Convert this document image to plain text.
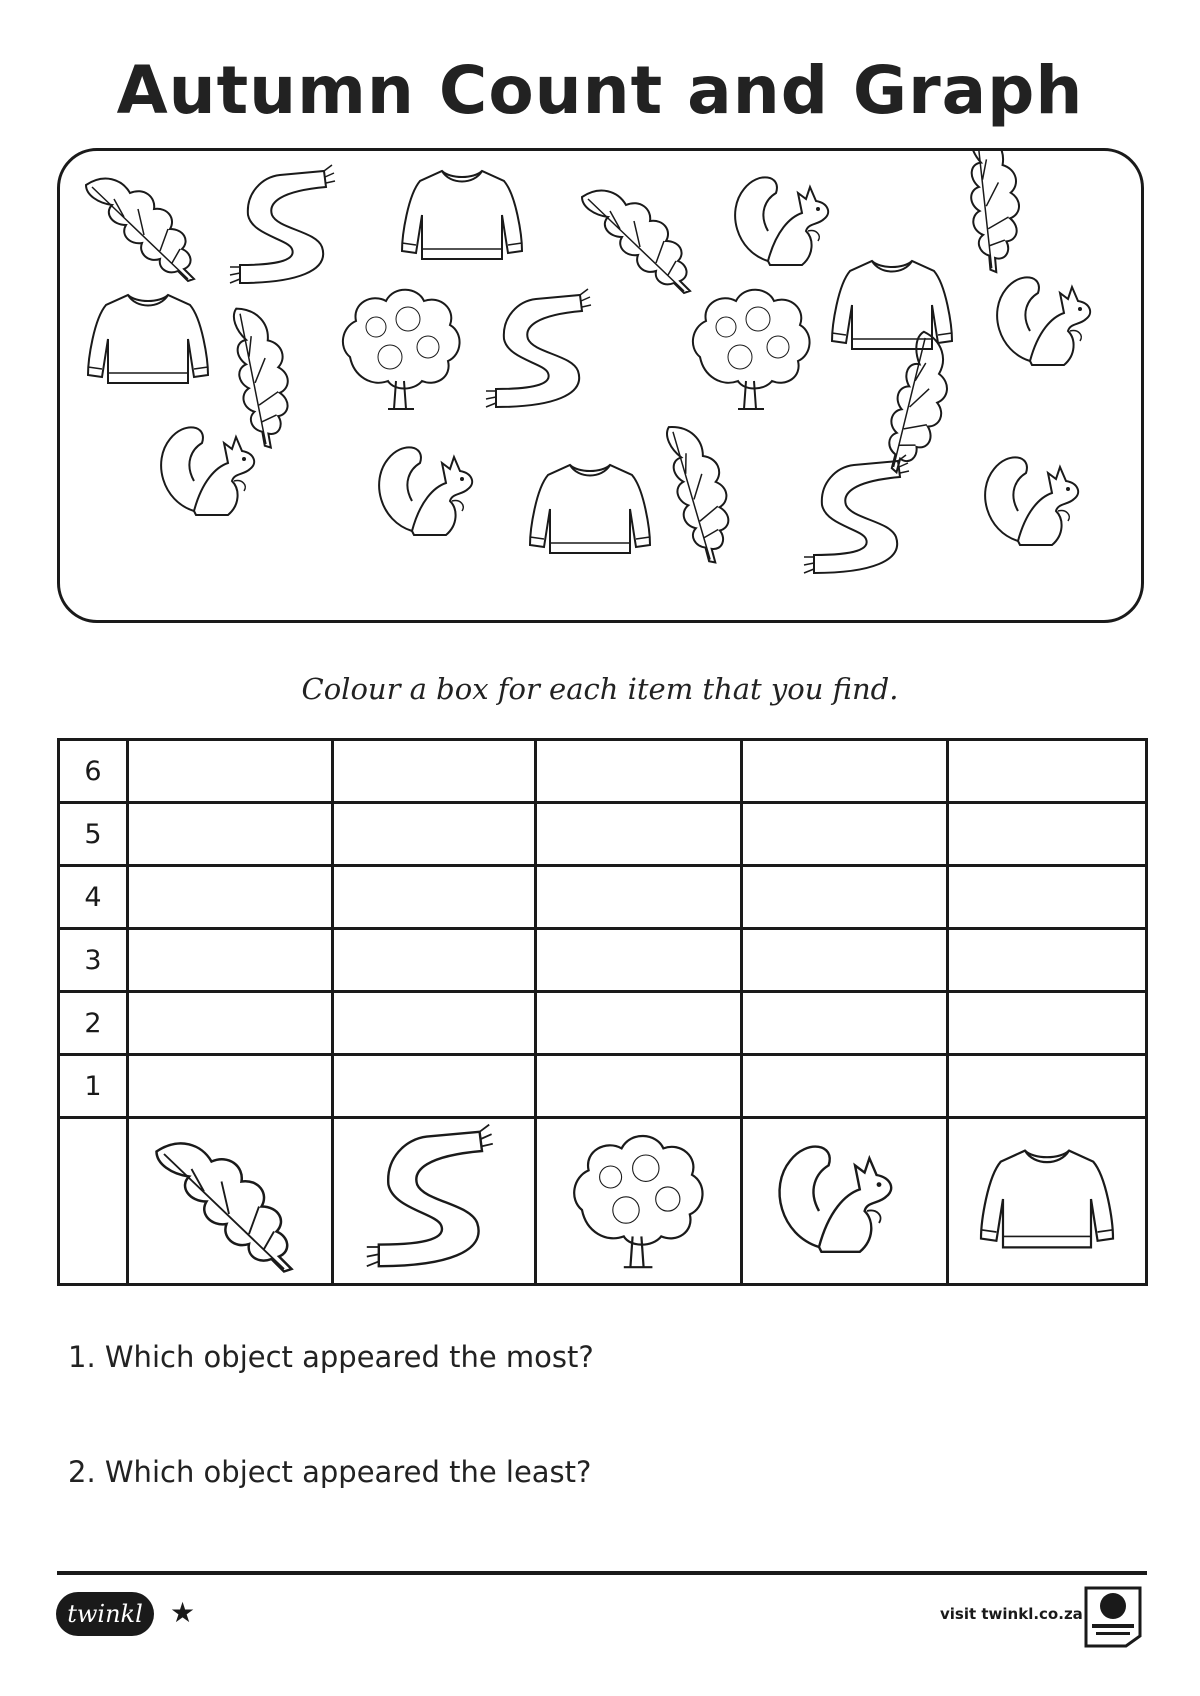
Autumn Count and Graph
Colour a box for each item that you find.
6					
5					
4					
3					
2					
1					

1. Which object appeared the most?
2. Which object appeared the least?
twinkl ★	visit twinkl.co.za
